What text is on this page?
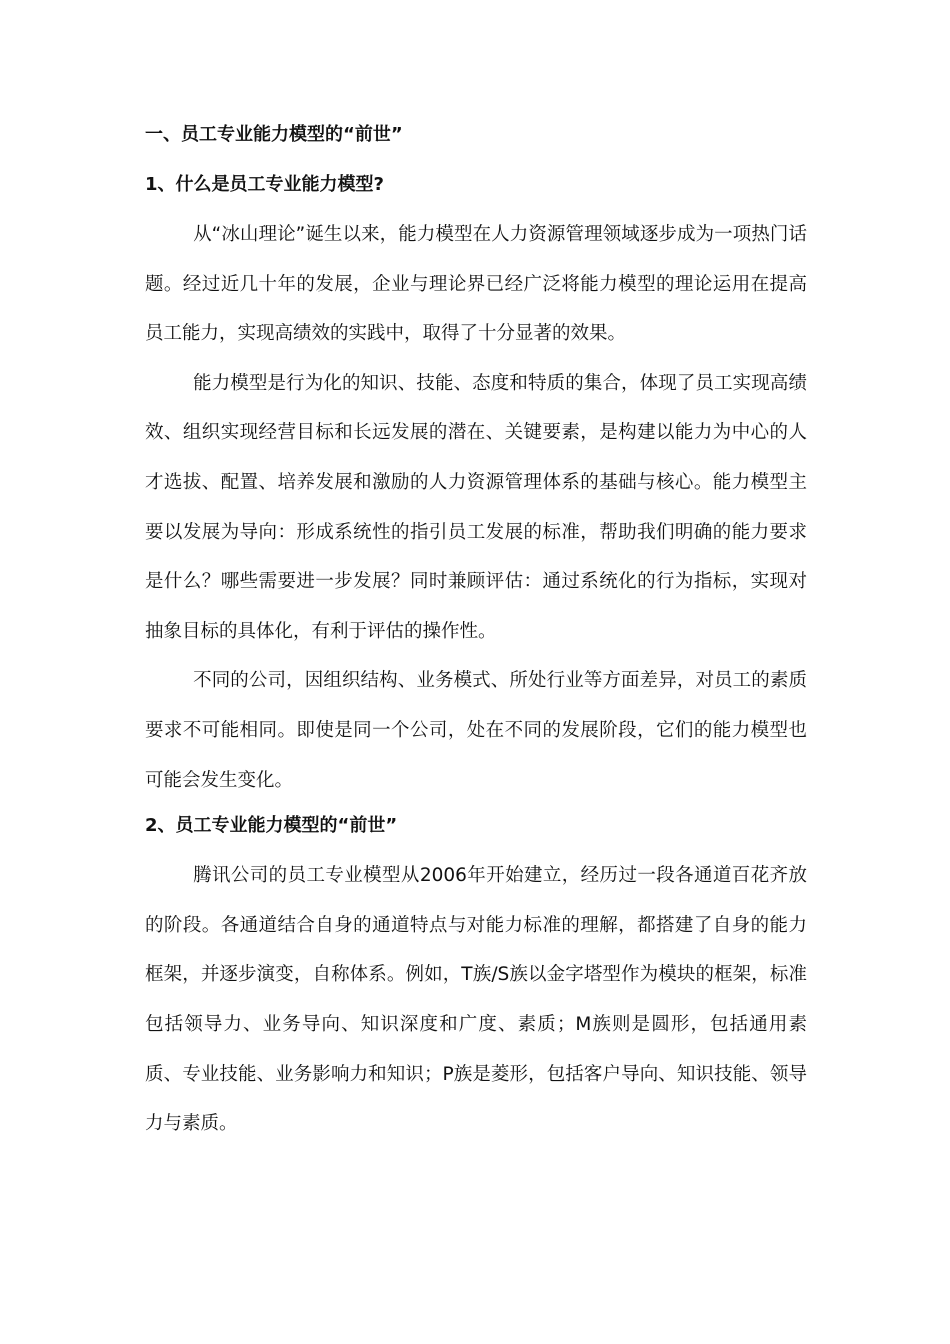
一、员工专业能力模型的“前世”
1、什么是员工专业能力模型?

从“冰山理论”诞生以来，能力模型在人力资源管理领域逐步成为一项热门话题。经过近几十年的发展，企业与理论界已经广泛将能力模型的理论运用在提高员工能力，实现高绩效的实践中，取得了十分显著的效果。

能力模型是行为化的知识、技能、态度和特质的集合，体现了员工实现高绩效、组织实现经营目标和长远发展的潜在、关键要素，是构建以能力为中心的人才选拔、配置、培养发展和激励的人力资源管理体系的基础与核心。能力模型主要以发展为导向：形成系统性的指引员工发展的标准，帮助我们明确的能力要求是什么？哪些需要进一步发展？同时兼顾评估：通过系统化的行为指标，实现对抽象目标的具体化，有利于评估的操作性。

不同的公司，因组织结构、业务模式、所处行业等方面差异，对员工的素质要求不可能相同。即使是同一个公司，处在不同的发展阶段，它们的能力模型也可能会发生变化。

2、员工专业能力模型的“前世”

腾讯公司的员工专业模型从2006年开始建立，经历过一段各通道百花齐放的阶段。各通道结合自身的通道特点与对能力标准的理解，都搭建了自身的能力框架，并逐步演变，自称体系。例如，T族/S族以金字塔型作为模块的框架，标准包括领导力、业务导向、知识深度和广度、素质；M族则是圆形，包括通用素质、专业技能、业务影响力和知识；P族是菱形，包括客户导向、知识技能、领导力与素质。
